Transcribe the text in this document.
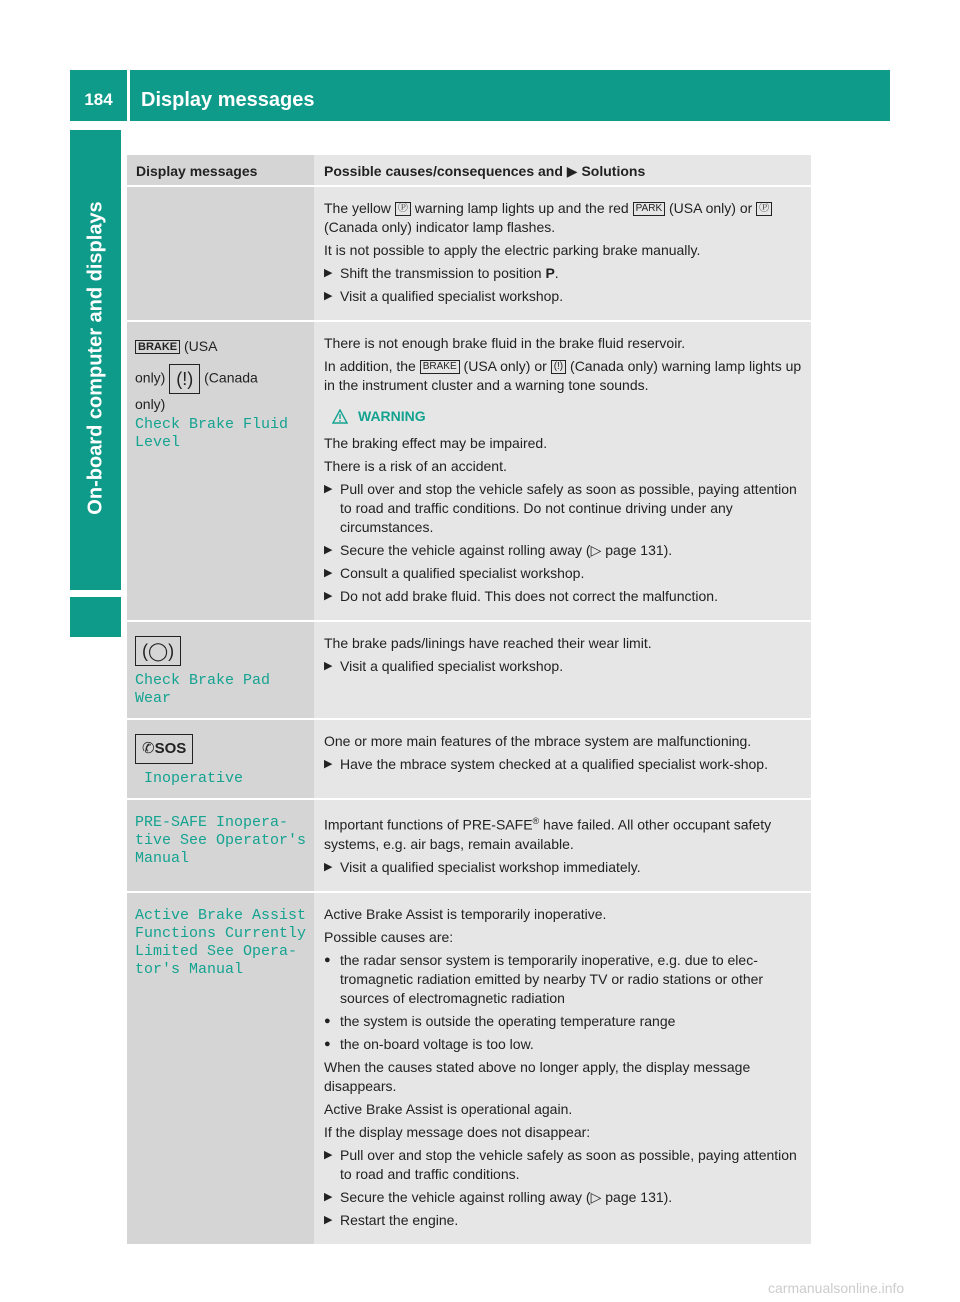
184	Display messages
On-board computer and displays
Display messages	Possible causes/consequences and ▶ Solutions

The yellow Ⓟ warning lamp lights up and the red PARK (USA only) or Ⓟ (Canada only) indicator lamp flashes.

It is not possible to apply the electric parking brake manually.

▶ Shift the transmission to position P.
▶ Visit a qualified specialist workshop.
BRAKE (USA
only) (!) (Canada
only)
Check Brake Fluid
Level

There is not enough brake fluid in the brake fluid reservoir.

In addition, the BRAKE (USA only) or (!) (Canada only) warning lamp lights up in the instrument cluster and a warning tone sounds.

WARNING

The braking effect may be impaired.

There is a risk of an accident.

▶ Pull over and stop the vehicle safely as soon as possible, paying attention to road and traffic conditions. Do not continue driving under any circumstances.
▶ Secure the vehicle against rolling away (▷ page 131).
▶ Consult a qualified specialist workshop.
▶ Do not add brake fluid. This does not correct the malfunction.
(◯)
Check Brake Pad Wear

The brake pads/linings have reached their wear limit.

▶ Visit a qualified specialist workshop.
✆SOS
Inoperative

One or more main features of the mbrace system are malfunctioning.

▶ Have the mbrace system checked at a qualified specialist work-shop.
PRE-SAFE Inopera-
tive See Operator's
Manual

Important functions of PRE-SAFE® have failed. All other occupant safety systems, e.g. air bags, remain available.

▶ Visit a qualified specialist workshop immediately.
Active Brake Assist
Functions Currently
Limited See Opera-
tor's Manual

Active Brake Assist is temporarily inoperative.

Possible causes are:

● the radar sensor system is temporarily inoperative, e.g. due to elec-tromagnetic radiation emitted by nearby TV or radio stations or other sources of electromagnetic radiation
● the system is outside the operating temperature range
● the on-board voltage is too low.

When the causes stated above no longer apply, the display message disappears.

Active Brake Assist is operational again.

If the display message does not disappear:

▶ Pull over and stop the vehicle safely as soon as possible, paying attention to road and traffic conditions.
▶ Secure the vehicle against rolling away (▷ page 131).
▶ Restart the engine.
carmanualsonline.info
